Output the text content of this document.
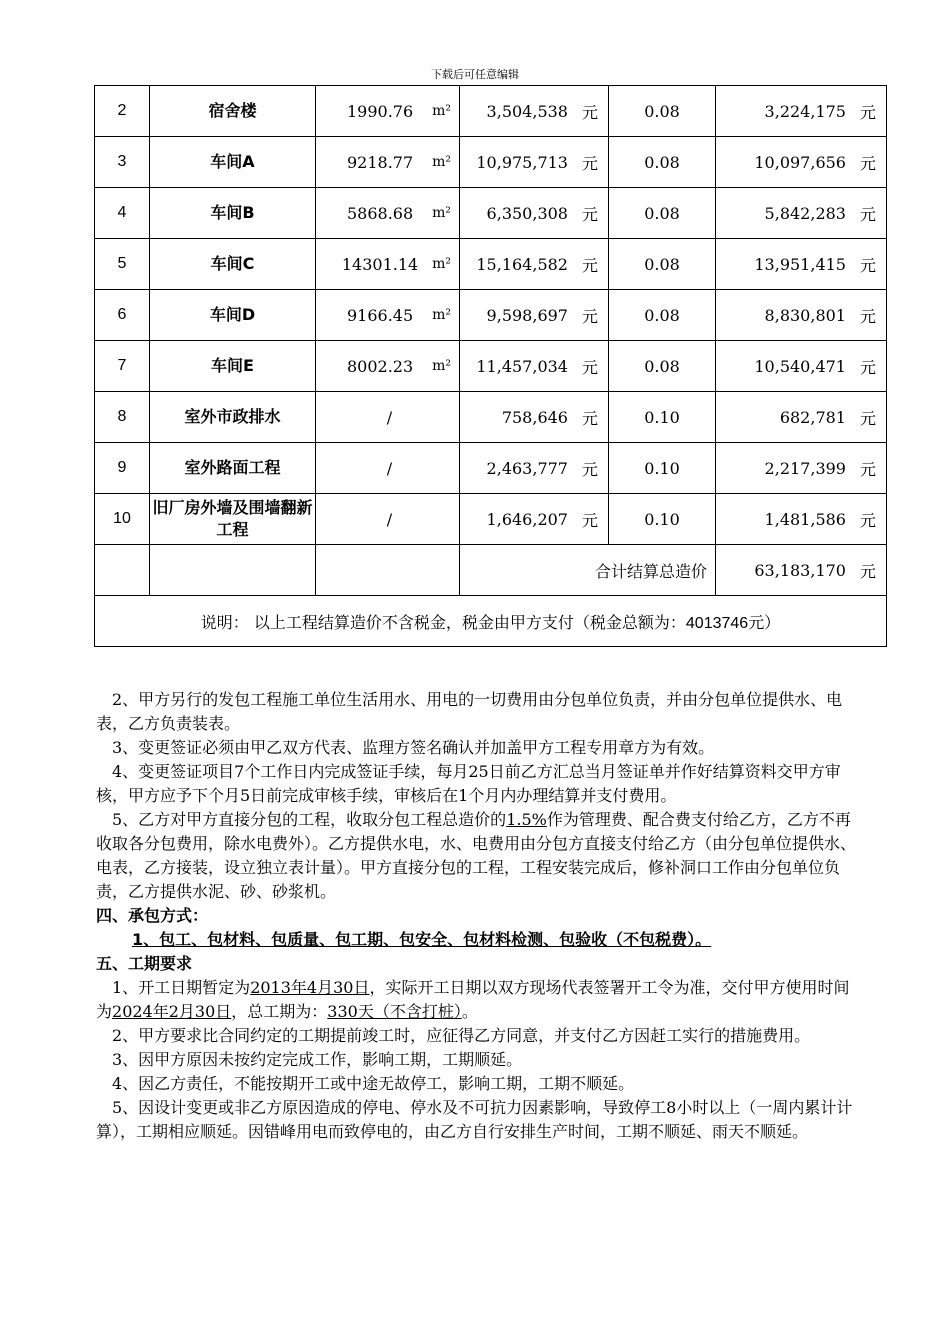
下载后可任意编辑
2	宿舍楼	1990.76 m²	3,504,538 元	0.08	3,224,175 元

3	车间A	9218.77 m²	10,975,713 元	0.08	10,097,656 元

4	车间B	5868.68 m²	6,350,308 元	0.08	5,842,283 元

5	车间C	14301.14 m²	15,164,582 元	0.08	13,951,415 元

6	车间D	9166.45 m²	9,598,697 元	0.08	8,830,801 元

7	车间E	8002.23 m²	11,457,034 元	0.08	10,540,471 元

8	室外市政排水	/	758,646 元	0.10	682,781 元

9	室外路面工程	/	2,463,777 元	0.10	2,217,399 元

10	旧厂房外墙及围墙翻新工程	/	1,646,207 元	0.10	1,481,586 元

			合计结算总造价		63,183,170 元

说明： 以上工程结算造价不含税金，税金由甲方支付（税金总额为：4013746元）					

2、甲方另行的发包工程施工单位生活用水、用电的一切费用由分包单位负责，并由分包单位提供水、电表，乙方负责装表。

3、变更签证必须由甲乙双方代表、监理方签名确认并加盖甲方工程专用章方为有效。

4、变更签证项目7个工作日内完成签证手续，每月25日前乙方汇总当月签证单并作好结算资料交甲方审核，甲方应予下个月5日前完成审核手续，审核后在1个月内办理结算并支付费用。

5、乙方对甲方直接分包的工程，收取分包工程总造价的1.5%作为管理费、配合费支付给乙方，乙方不再收取各分包费用，除水电费外）。乙方提供水电，水、电费用由分包方直接支付给乙方（由分包单位提供水、电表，乙方接装，设立独立表计量）。甲方直接分包的工程，工程安装完成后，修补洞口工作由分包单位负责，乙方提供水泥、砂、砂浆机。

四、承包方式：

1、包工、包材料、包质量、包工期、包安全、包材料检测、包验收（不包税费）。

五、工期要求

1、开工日期暂定为2013年4月30日，实际开工日期以双方现场代表签署开工令为准，交付甲方使用时间为2024年2月30日，总工期为：330天（不含打桩）。

2、甲方要求比合同约定的工期提前竣工时，应征得乙方同意，并支付乙方因赶工实行的措施费用。

3、因甲方原因未按约定完成工作，影响工期，工期顺延。

4、因乙方责任，不能按期开工或中途无故停工，影响工期，工期不顺延。

5、因设计变更或非乙方原因造成的停电、停水及不可抗力因素影响，导致停工8小时以上（一周内累计计算），工期相应顺延。因错峰用电而致停电的，由乙方自行安排生产时间，工期不顺延、雨天不顺延。
